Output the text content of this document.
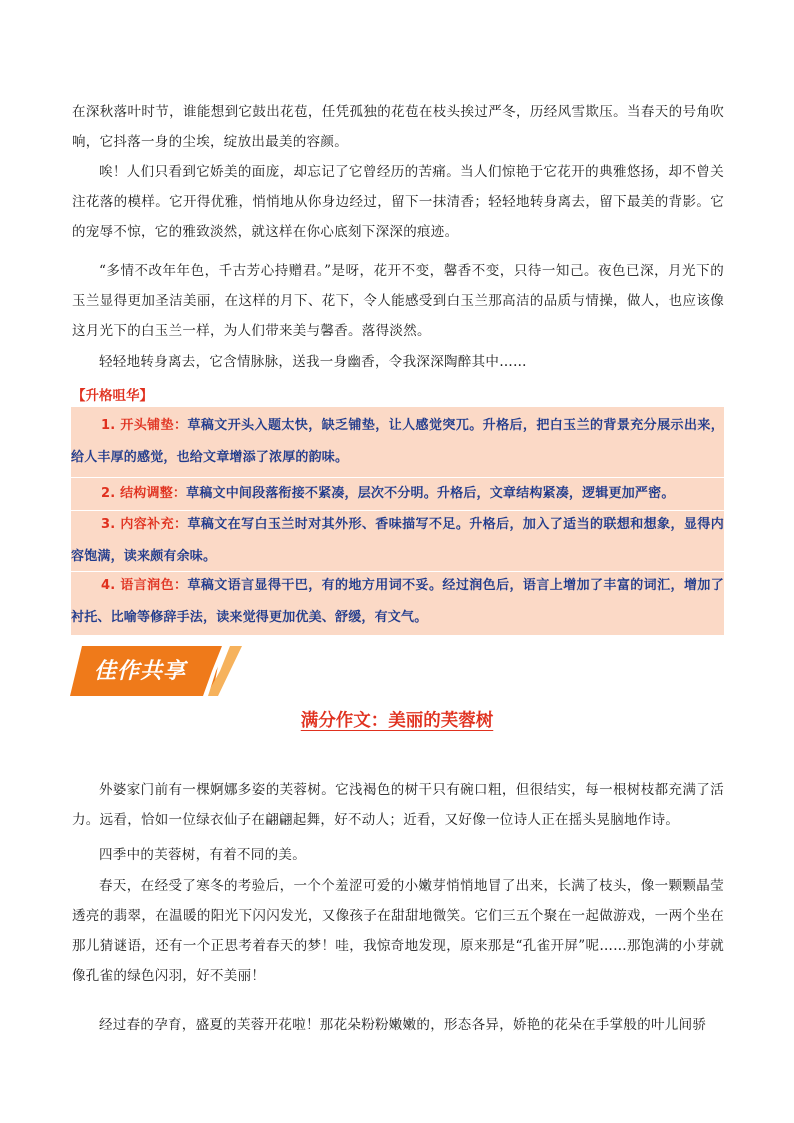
在深秋落叶时节，谁能想到它鼓出花苞，任凭孤独的花苞在枝头挨过严冬，历经风雪欺压。当春天的号角吹响，它抖落一身的尘埃，绽放出最美的容颜。

唉！人们只看到它娇美的面庞，却忘记了它曾经历的苦痛。当人们惊艳于它花开的典雅悠扬，却不曾关注花落的模样。它开得优雅，悄悄地从你身边经过，留下一抹清香；轻轻地转身离去，留下最美的背影。它的宠辱不惊，它的雅致淡然，就这样在你心底刻下深深的痕迹。

“多情不改年年色，千古芳心持赠君。”是呀，花开不变，馨香不变，只待一知己。夜色已深，月光下的玉兰显得更加圣洁美丽，在这样的月下、花下，令人能感受到白玉兰那高洁的品质与情操，做人，也应该像这月光下的白玉兰一样，为人们带来美与馨香。落得淡然。

轻轻地转身离去，它含情脉脉，送我一身幽香，令我深深陶醉其中……

【升格咀华】

1. 开头铺垫：草稿文开头入题太快，缺乏铺垫，让人感觉突兀。升格后，把白玉兰的背景充分展示出来，给人丰厚的感觉，也给文章增添了浓厚的韵味。

2. 结构调整：草稿文中间段落衔接不紧凑，层次不分明。升格后，文章结构紧凑，逻辑更加严密。

3. 内容补充：草稿文在写白玉兰时对其外形、香味描写不足。升格后，加入了适当的联想和想象，显得内容饱满，读来颇有余味。

4. 语言润色：草稿文语言显得干巴，有的地方用词不妥。经过润色后，语言上增加了丰富的词汇，增加了衬托、比喻等修辞手法，读来觉得更加优美、舒缓，有文气。

佳作共享
满分作文：美丽的芙蓉树

外婆家门前有一棵婀娜多姿的芙蓉树。它浅褐色的树干只有碗口粗，但很结实，每一根树枝都充满了活力。远看，恰如一位绿衣仙子在翩翩起舞，好不动人；近看，又好像一位诗人正在摇头晃脑地作诗。

四季中的芙蓉树，有着不同的美。

春天，在经受了寒冬的考验后，一个个羞涩可爱的小嫩芽悄悄地冒了出来，长满了枝头，像一颗颗晶莹透亮的翡翠，在温暖的阳光下闪闪发光，又像孩子在甜甜地微笑。它们三五个聚在一起做游戏，一两个坐在那儿猜谜语，还有一个正思考着春天的梦！哇，我惊奇地发现，原来那是“孔雀开屏”呢……那饱满的小芽就像孔雀的绿色闪羽，好不美丽！

经过春的孕育，盛夏的芙蓉开花啦！那花朵粉粉嫩嫩的，形态各异，娇艳的花朵在手掌般的叶儿间骄
